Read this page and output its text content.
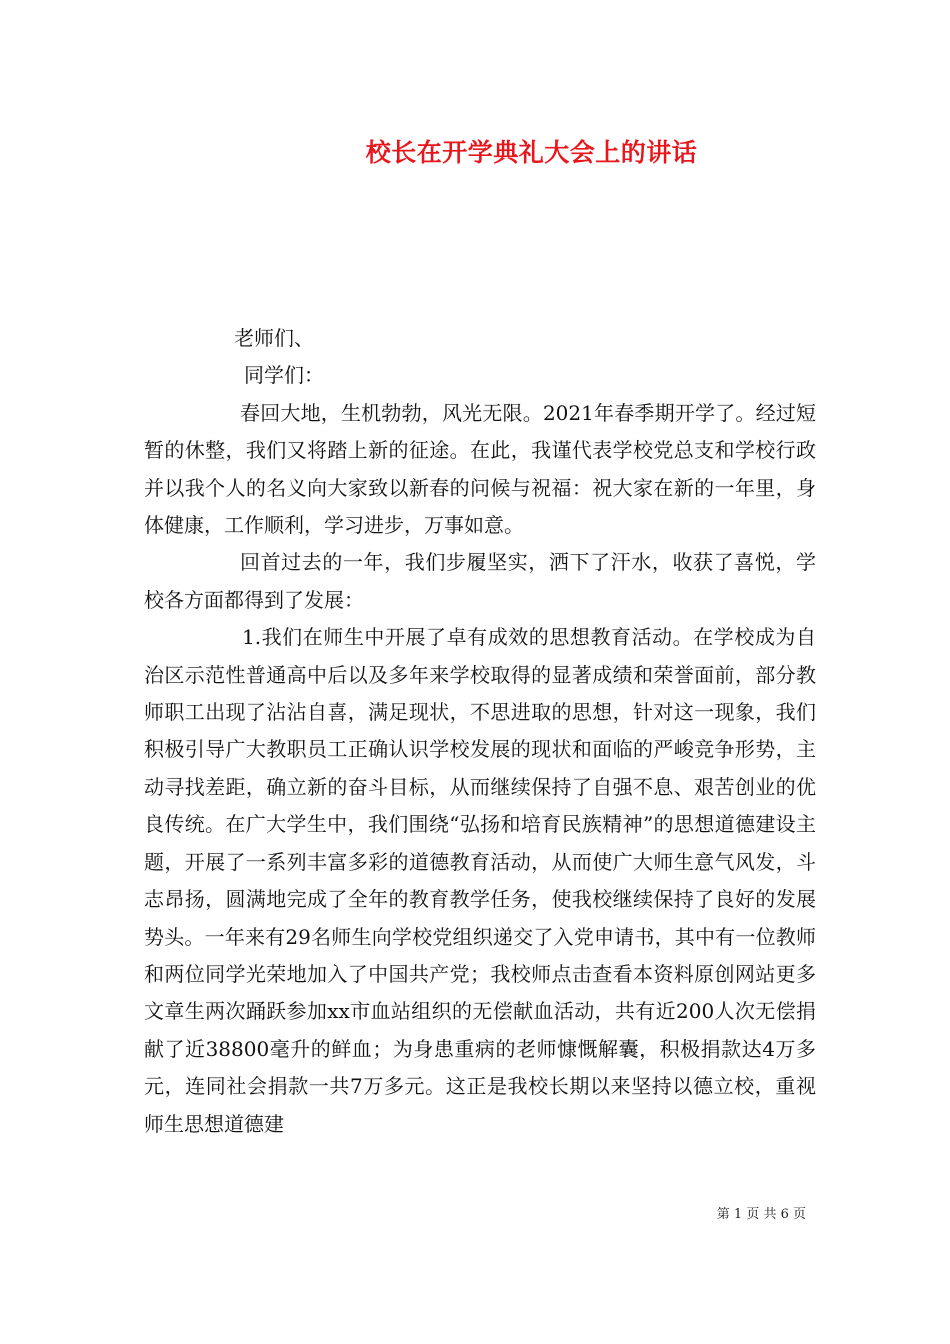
校长在开学典礼大会上的讲话

老师们、

同学们：

春回大地，生机勃勃，风光无限。2021年春季期开学了。经过短暂的休整，我们又将踏上新的征途。在此，我谨代表学校党总支和学校行政并以我个人的名义向大家致以新春的问候与祝福：祝大家在新的一年里，身体健康，工作顺利，学习进步，万事如意。

回首过去的一年，我们步履坚实，洒下了汗水，收获了喜悦，学校各方面都得到了发展：

1.我们在师生中开展了卓有成效的思想教育活动。在学校成为自治区示范性普通高中后以及多年来学校取得的显著成绩和荣誉面前，部分教师职工出现了沾沾自喜，满足现状，不思进取的思想，针对这一现象，我们积极引导广大教职员工正确认识学校发展的现状和面临的严峻竞争形势，主动寻找差距，确立新的奋斗目标，从而继续保持了自强不息、艰苦创业的优良传统。在广大学生中，我们围绕“弘扬和培育民族精神”的思想道德建设主题，开展了一系列丰富多彩的道德教育活动，从而使广大师生意气风发，斗志昂扬，圆满地完成了全年的教育教学任务，使我校继续保持了良好的发展势头。一年来有29名师生向学校党组织递交了入党申请书，其中有一位教师和两位同学光荣地加入了中国共产党；我校师点击查看本资料原创网站更多文章生两次踊跃参加xx市血站组织的无偿献血活动，共有近200人次无偿捐献了近38800毫升的鲜血；为身患重病的老师慷慨解囊，积极捐款达4万多元，连同社会捐款一共7万多元。这正是我校长期以来坚持以德立校，重视师生思想道德建

第 1 页 共 6 页
